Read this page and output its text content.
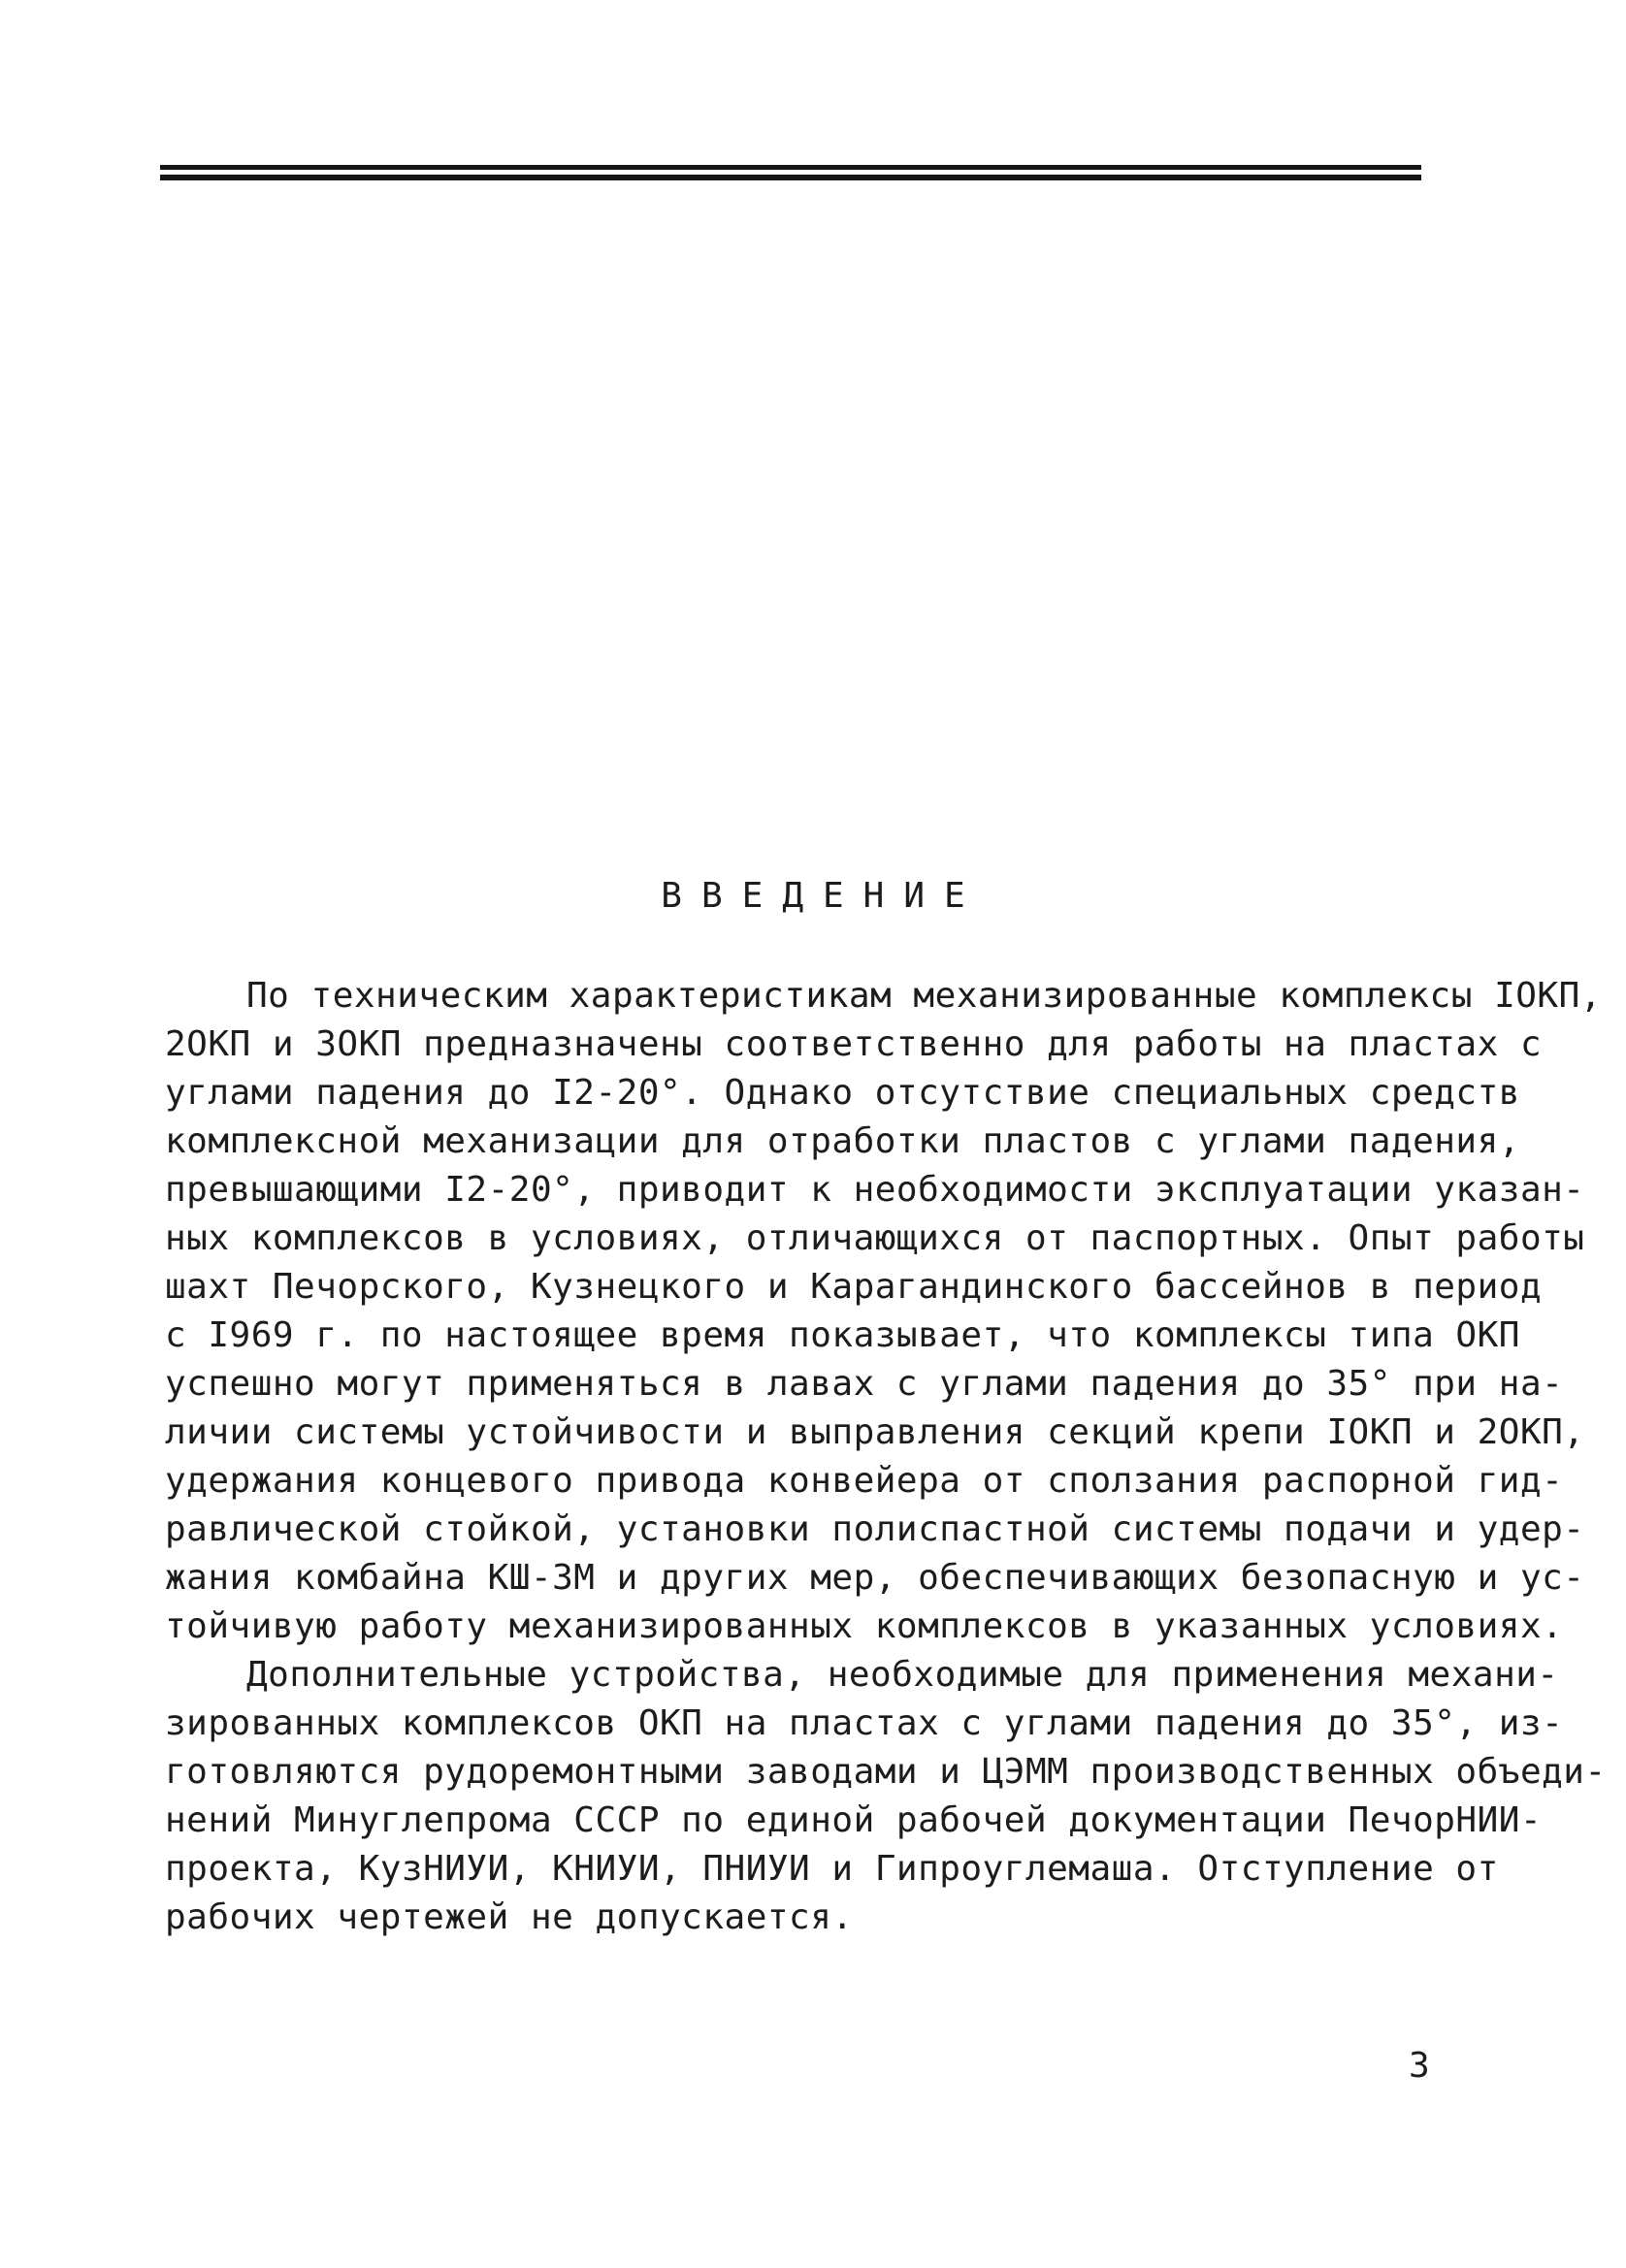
ВВЕДЕНИЕ
По техническим характеристикам механизированные комплексы IОКП,
2ОКП и 3ОКП предназначены соответственно для работы на пластах с
углами падения до I2-20°. Однако отсутствие специальных средств
комплексной механизации для отработки пластов с углами падения,
превышающими I2-20°, приводит к необходимости эксплуатации указан-
ных комплексов в условиях, отличающихся от паспортных. Опыт работы
шахт Печорского, Кузнецкого и Карагандинского бассейнов в период
с I969 г. по настоящее время показывает, что комплексы типа ОКП
успешно могут применяться в лавах с углами падения до 35° при на-
личии системы устойчивости и выправления секций крепи IОКП и 2ОКП,
удержания концевого привода конвейера от сползания распорной гид-
равлической стойкой, установки полиспастной системы подачи и удер-
жания комбайна КШ-3М и других мер, обеспечивающих безопасную и ус-
тойчивую работу механизированных комплексов в указанных условиях.
Дополнительные устройства, необходимые для применения механи-
зированных комплексов ОКП на пластах с углами падения до 35°, из-
готовляются рудоремонтными заводами и ЦЭММ производственных объеди-
нений Минуглепрома СССР по единой рабочей документации ПечорНИИ-
проекта, КузНИУИ, КНИУИ, ПНИУИ и Гипроуглемаша. Отступление от
рабочих чертежей не допускается.
3
